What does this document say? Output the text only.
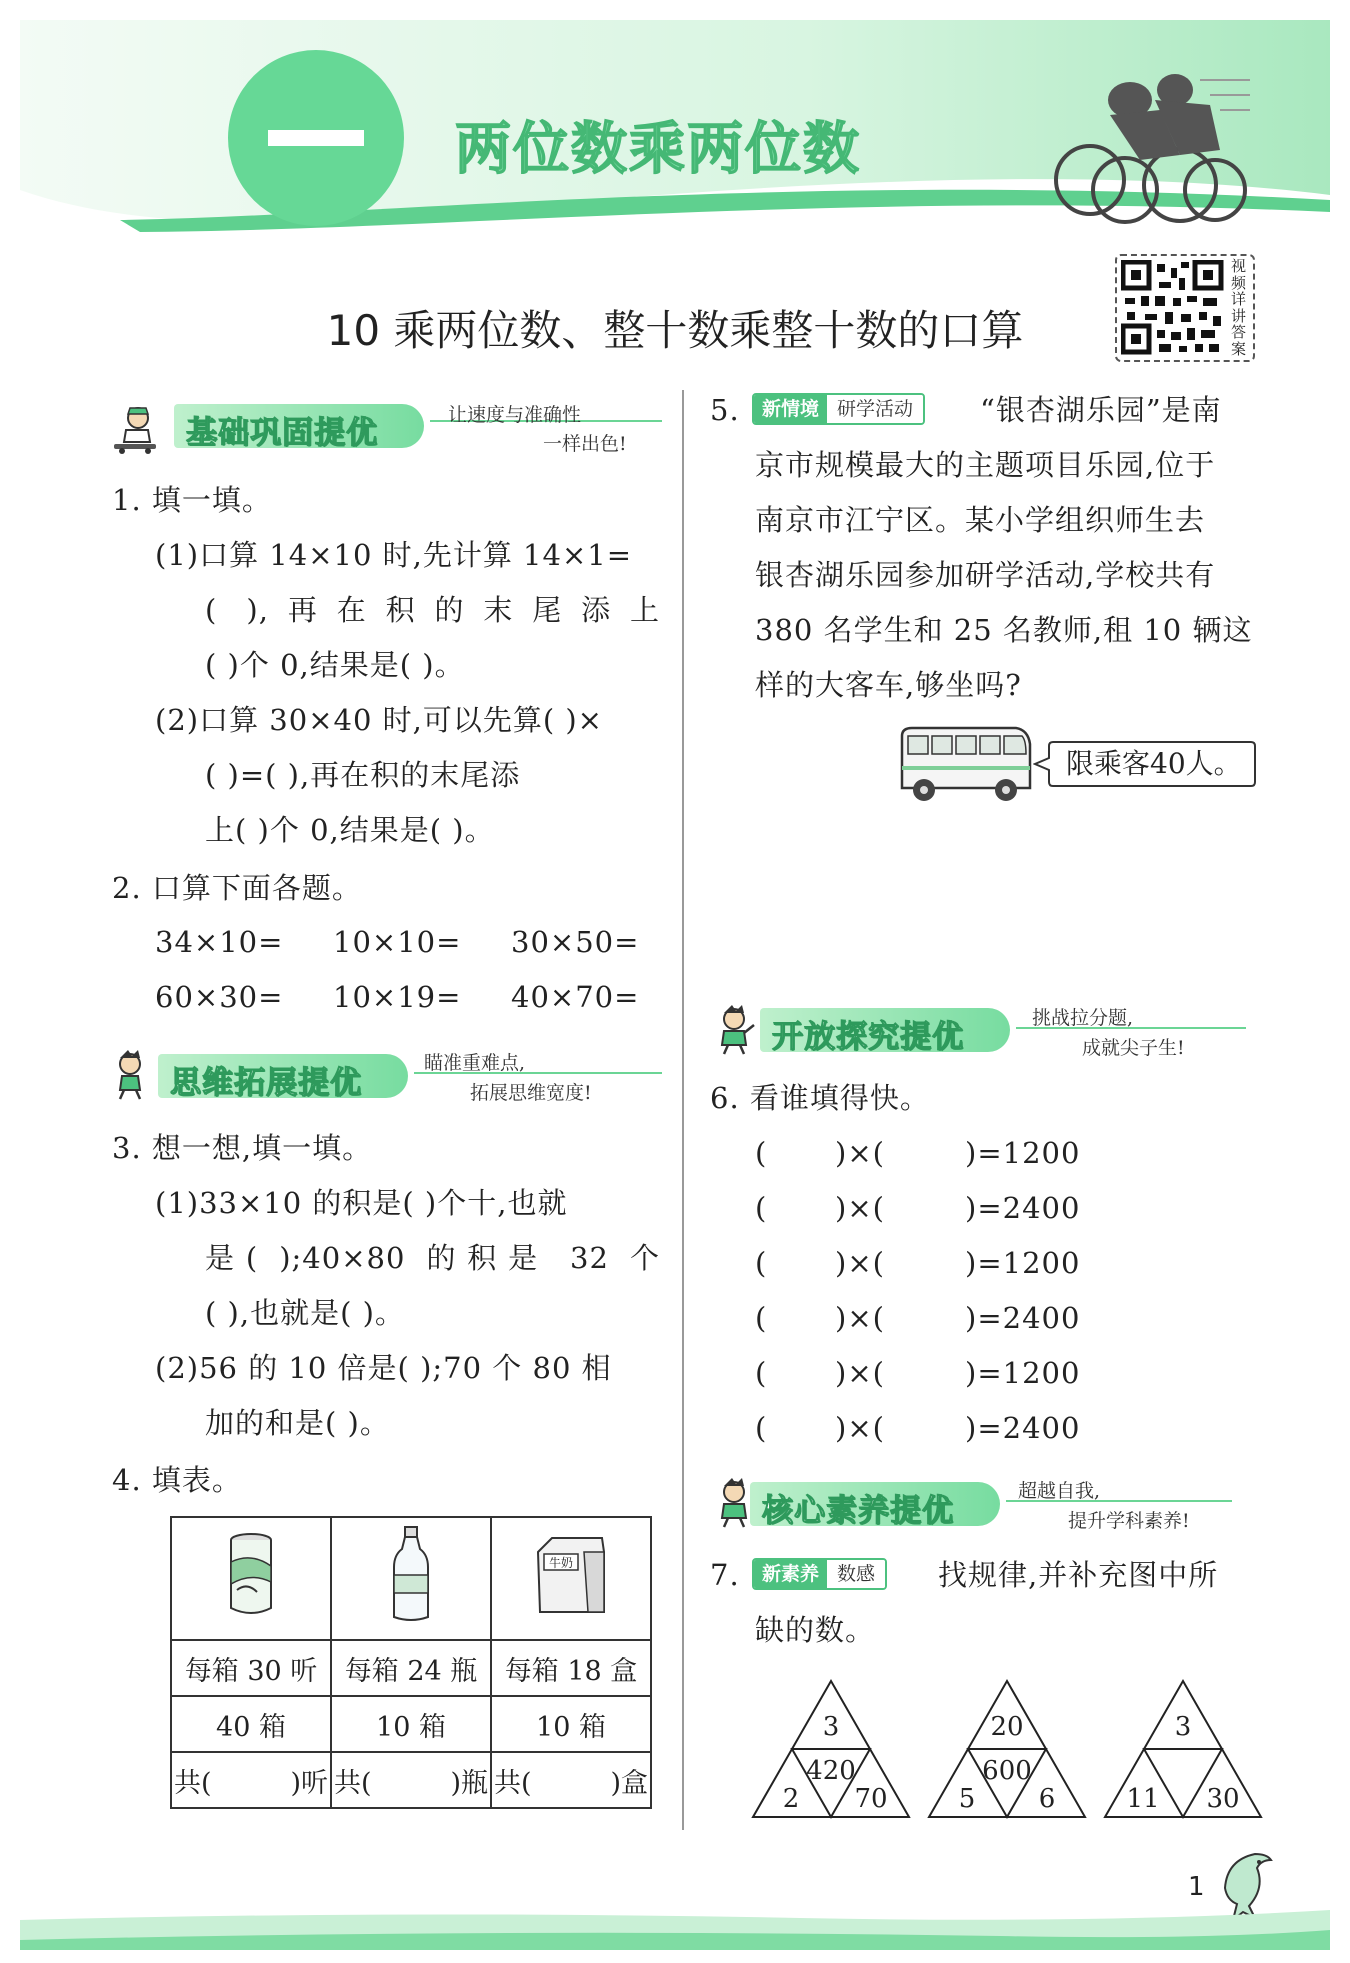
两位数乘两位数
10 乘两位数、整十数乘整十数的口算
视频详讲答案
基础巩固提优	让速度与准确性
一样出色!
1. 填一填。
(1)口算 14×10 时,先计算 14×1=
( ),再在积的末尾添上
( )个 0,结果是( )。
(2)口算 30×40 时,可以先算( )×
( )=( ),再在积的末尾添
上( )个 0,结果是( )。
2. 口算下面各题。
34×10= 10×10= 30×50=
60×30= 10×19= 40×70=
思维拓展提优
瞄准重难点,
拓展思维宽度!
3. 想一想,填一填。
(1)33×10 的积是( )个十,也就
是( );40×80 的积是 32 个
( ),也就是( )。
(2)56 的 10 倍是( );70 个 80 相
加的和是( )。
4. 填表。

牛奶

每箱 30 听	每箱 24 瓶	每箱 18 盒
40 箱	10 箱	10 箱

共( )听	共( )瓶	共( )盒
5.	新情境 研学活动	“银杏湖乐园”是南
京市规模最大的主题项目乐园,位于
南京市江宁区。某小学组织师生去
银杏湖乐园参加研学活动,学校共有
380 名学生和 25 名教师,租 10 辆这
样的大客车,够坐吗?
限乘客40人。
开放探究提优
挑战拉分题,
成就尖子生!
6. 看谁填得快。
( )×(	)=1200
( )×(	)=2400
( )×(	)=1200
( )×(	)=2400
( )×(	)=1200
( )×(	)=2400
核心素养提优
超越自我,
提升学科素养!
7.	新素养 数感	找规律,并补充图中所
缺的数。
3
420
2 70
20
600
5 6
3
11 30
1
